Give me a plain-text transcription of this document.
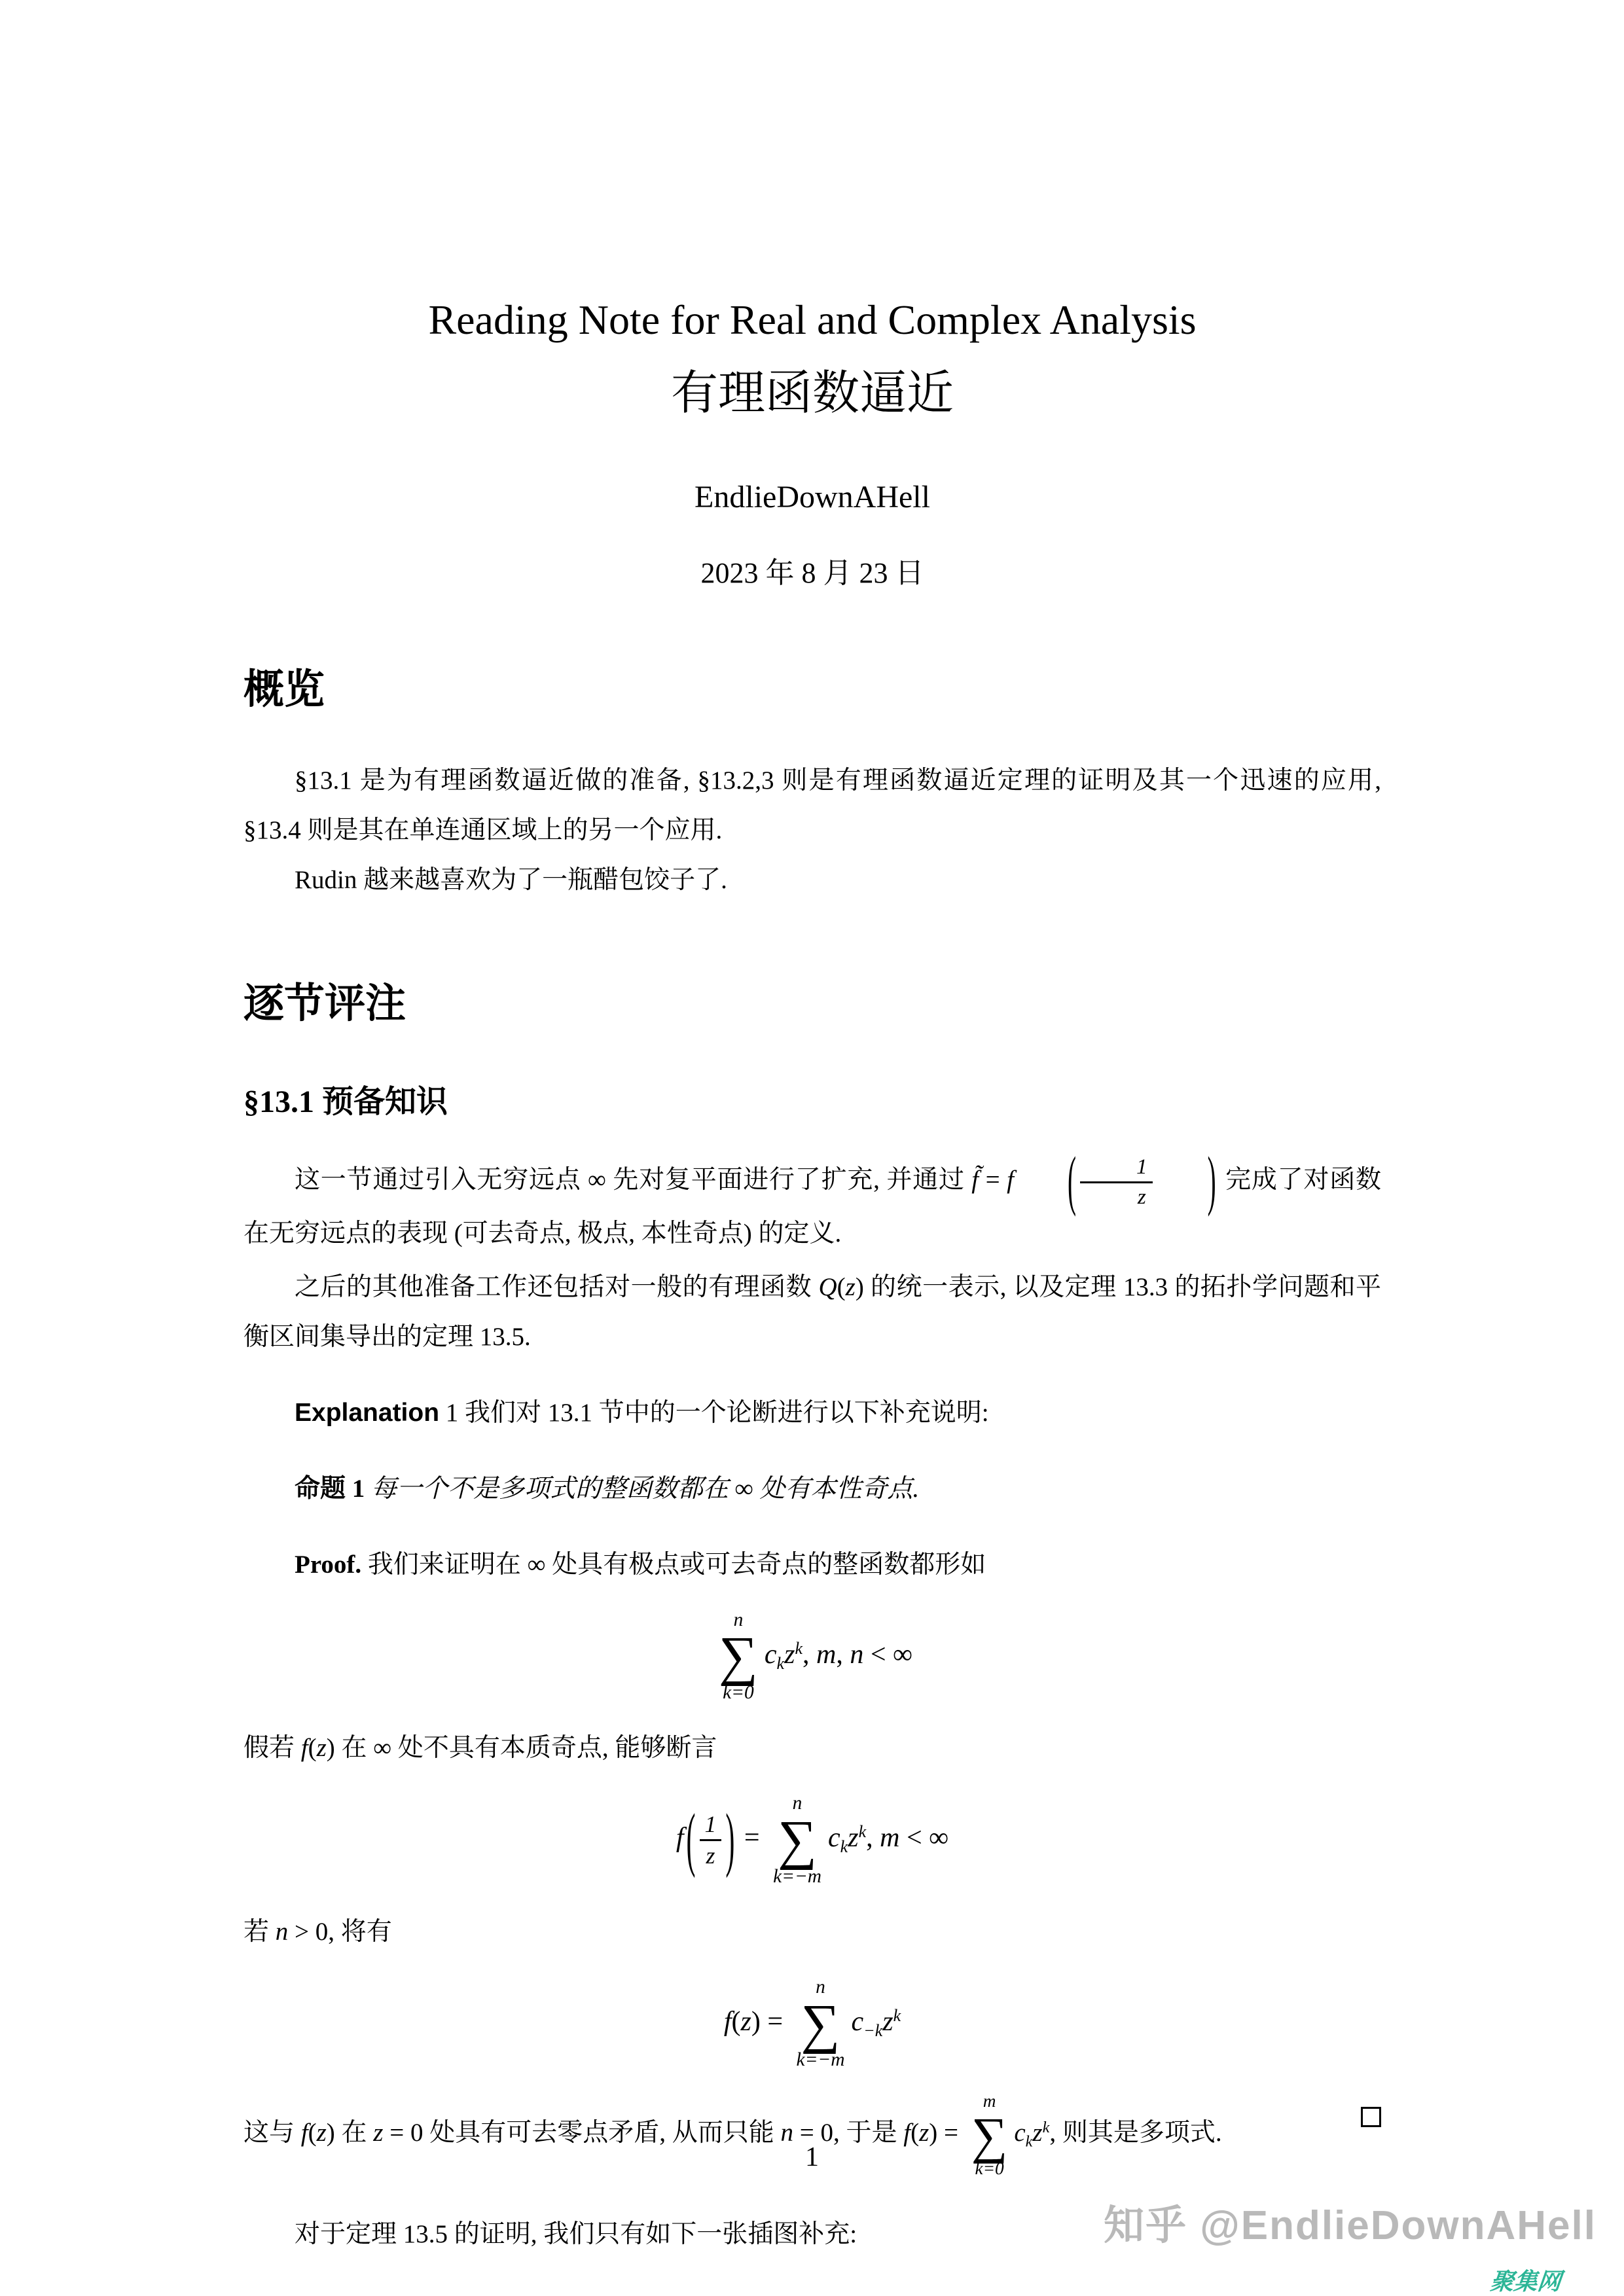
Reading Note for Real and Complex Analysis
有理函数逼近
EndlieDownAHell
2023 年 8 月 23 日
概览

§13.1 是为有理函数逼近做的准备, §13.2,3 则是有理函数逼近定理的证明及其一个迅速的应用, §13.4 则是其在单连通区域上的另一个应用.

Rudin 越来越喜欢为了一瓶醋包饺子了.

逐节评注
§13.1 预备知识

这一节通过引入无穷远点 ∞ 先对复平面进行了扩充, 并通过 f̃ = f ( $\frac{1}{z}$ ) 完成了对函数在无穷远点的表现 (可去奇点, 极点, 本性奇点) 的定义.

之后的其他准备工作还包括对一般的有理函数 Q(z) 的统一表示, 以及定理 13.3 的拓扑学问题和平衡区间集导出的定理 13.5.

Explanation 1 我们对 13.1 节中的一个论断进行以下补充说明:

命题 1 每一个不是多项式的整函数都在 ∞ 处有本性奇点.

Proof. 我们来证明在 ∞ 处具有极点或可去奇点的整函数都形如

n
∑
k=0
$c_kz^k$, m, n < ∞

假若 f(z) 在 ∞ 处不具有本质奇点, 能够断言

$f( \frac{1}{z}$ ) =
n
∑
k=−m
$c_kz^k$, m < ∞

若 n > 0, 将有

f(z) =
n
∑
k=−m
$c_{-k}z^k$

这与 f(z) 在 z = 0 处具有可去零点矛盾, 从而只能 n = 0, 于是 f(z) =
m
∑
k=0
$c_kz^k$, 则其是多项式.

对于定理 13.5 的证明, 我们只有如下一张插图补充:

1
知乎 @EndlieDownAHell
聚集网
